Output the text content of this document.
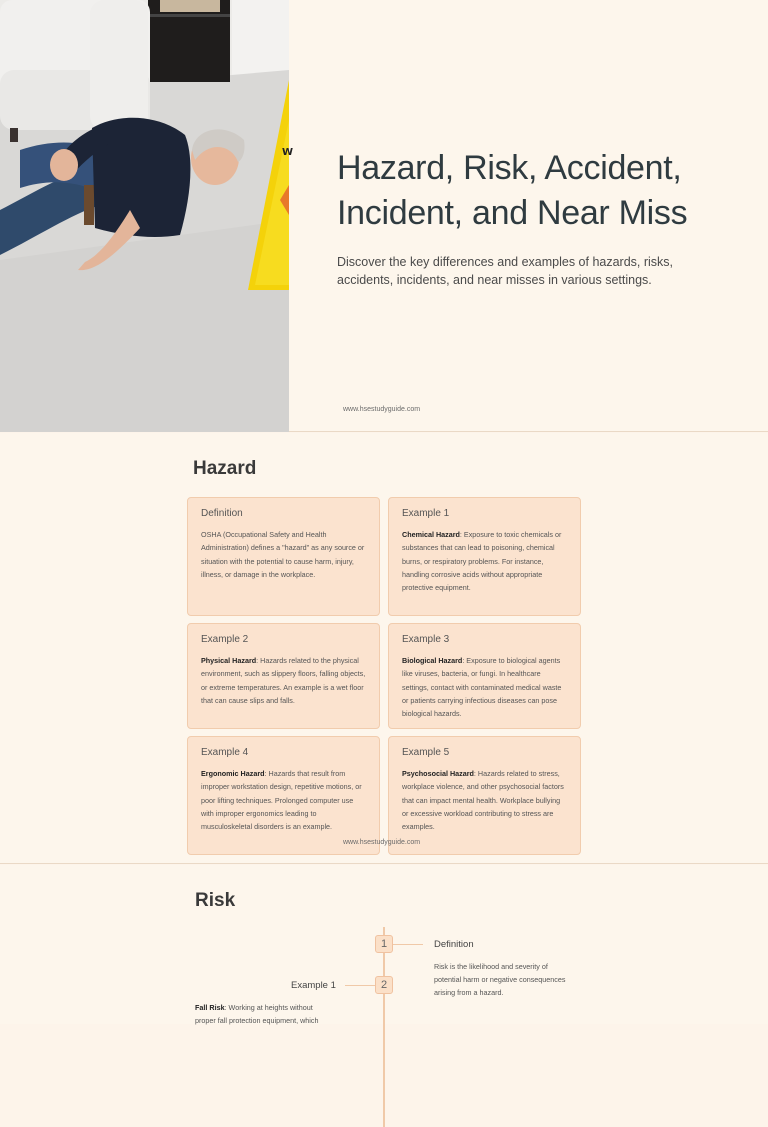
W Hazard, Risk, Accident, Incident, and Near Miss

Discover the key differences and examples of hazards, risks, accidents, incidents, and near misses in various settings.

www.hsestudyguide.com
Hazard
Definition

OSHA (Occupational Safety and Health Administration) defines a "hazard" as any source or situation with the potential to cause harm, injury, illness, or damage in the workplace.

Example 1

Chemical Hazard: Exposure to toxic chemicals or substances that can lead to poisoning, chemical burns, or respiratory problems. For instance, handling corrosive acids without appropriate protective equipment.

Example 2

Physical Hazard: Hazards related to the physical environment, such as slippery floors, falling objects, or extreme temperatures. An example is a wet floor that can cause slips and falls.

Example 3

Biological Hazard: Exposure to biological agents like viruses, bacteria, or fungi. In healthcare settings, contact with contaminated medical waste or patients carrying infectious diseases can pose biological hazards.

Example 4

Ergonomic Hazard: Hazards that result from improper workstation design, repetitive motions, or poor lifting techniques. Prolonged computer use with improper ergonomics leading to musculoskeletal disorders is an example.

Example 5

Psychosocial Hazard: Hazards related to stress, workplace violence, and other psychosocial factors that can impact mental health. Workplace bullying or excessive workload contributing to stress are examples.

www.hsestudyguide.com
Risk
1	Definition

Risk is the likelihood and severity of potential harm or negative consequences arising from a hazard.

2
Example 1

Fall Risk: Working at heights without proper fall protection equipment, which
